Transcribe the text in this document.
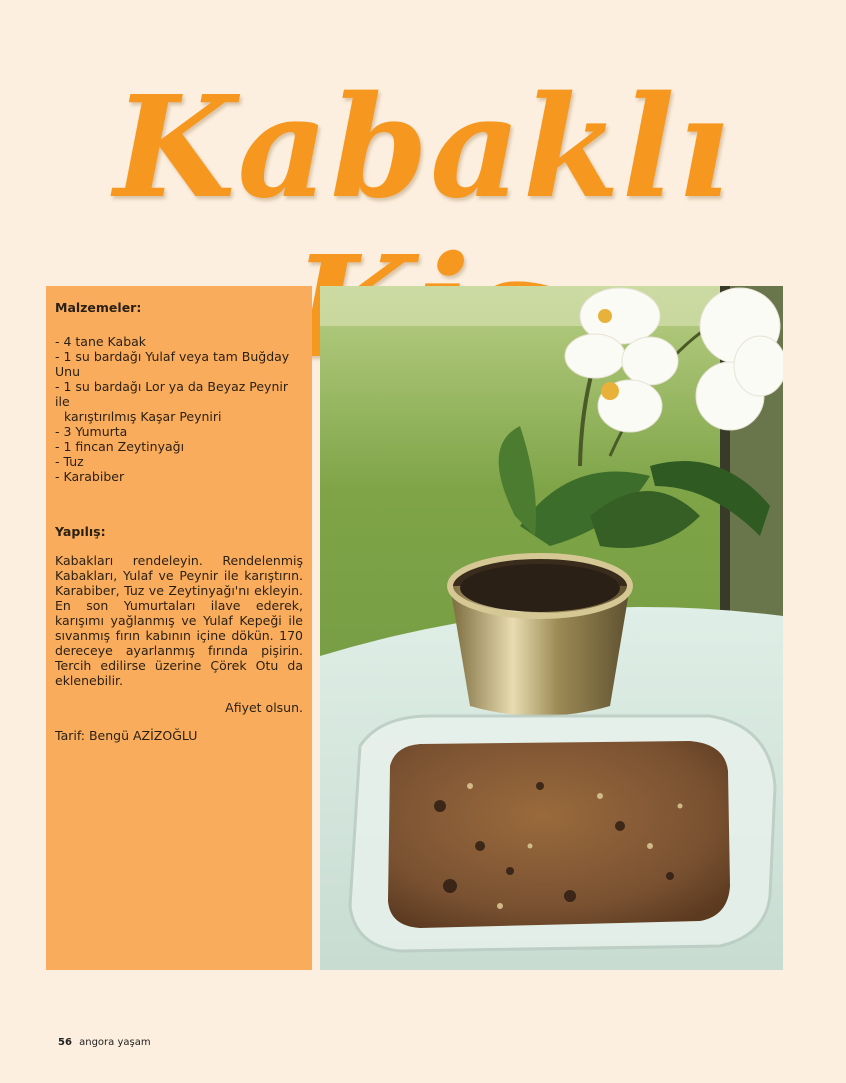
Kabaklı
Malzemeler:
- 4 tane Kabak
- 1 su bardağı Yulaf veya tam Buğday Unu
- 1 su bardağı Lor ya da Beyaz Peynir ile
karıştırılmış Kaşar Peyniri
- 3 Yumurta
- 1 fincan Zeytinyağı
- Tuz
- Karabiber
Yapılış:

Kabakları rendeleyin. Rendelenmiş Kabakları, Yulaf ve Peynir ile karıştırın. Karabiber, Tuz ve Zeytinyağı'nı ekleyin. En son Yumurtaları ilave ederek, karışımı yağlanmış ve Yulaf Kepeği ile sıvanmış fırın kabının içine dökün. 170 dereceye ayarlanmış fırında pişirin. Tercih edilirse üzerine Çörek Otu da eklenebilir.

Afiyet olsun.

Tarif: Bengü AZİZOĞLU

56 angora yaşam
